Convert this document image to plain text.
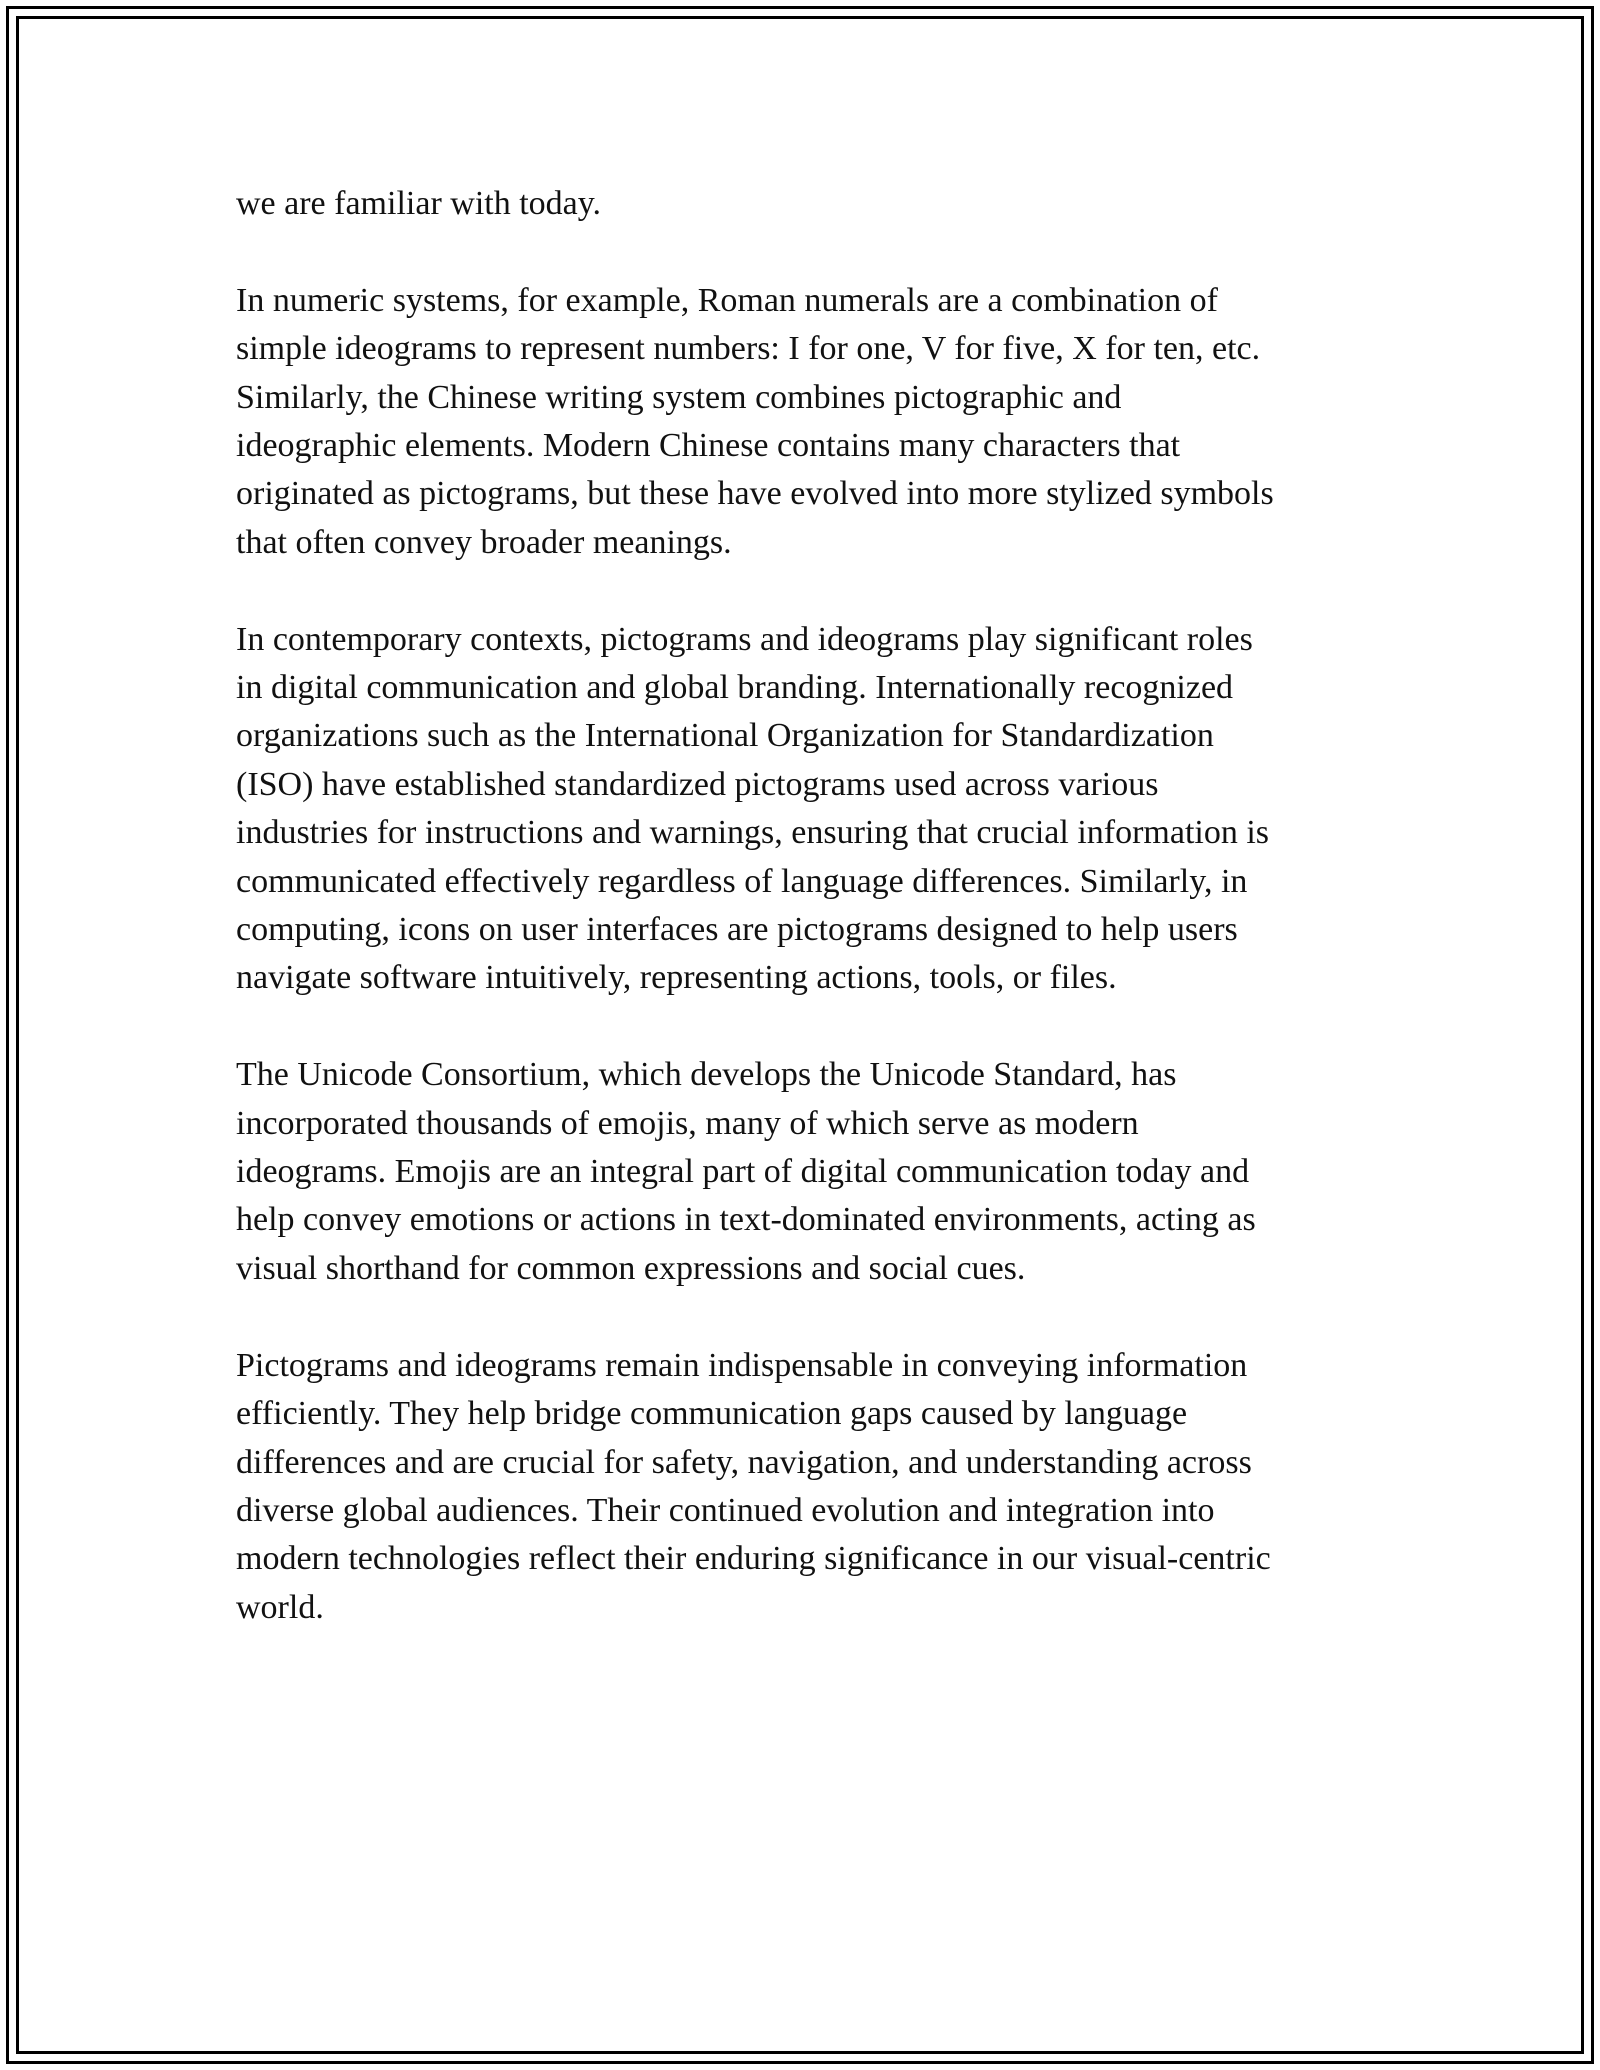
we are familiar with today.

In numeric systems, for example, Roman numerals are a combination of
simple ideograms to represent numbers: I for one, V for five, X for ten, etc.
Similarly, the Chinese writing system combines pictographic and
ideographic elements. Modern Chinese contains many characters that
originated as pictograms, but these have evolved into more stylized symbols
that often convey broader meanings.

In contemporary contexts, pictograms and ideograms play significant roles
in digital communication and global branding. Internationally recognized
organizations such as the International Organization for Standardization
(ISO) have established standardized pictograms used across various
industries for instructions and warnings, ensuring that crucial information is
communicated effectively regardless of language differences. Similarly, in
computing, icons on user interfaces are pictograms designed to help users
navigate software intuitively, representing actions, tools, or files.

The Unicode Consortium, which develops the Unicode Standard, has
incorporated thousands of emojis, many of which serve as modern
ideograms. Emojis are an integral part of digital communication today and
help convey emotions or actions in text-dominated environments, acting as
visual shorthand for common expressions and social cues.

Pictograms and ideograms remain indispensable in conveying information
efficiently. They help bridge communication gaps caused by language
differences and are crucial for safety, navigation, and understanding across
diverse global audiences. Their continued evolution and integration into
modern technologies reflect their enduring significance in our visual-centric
world.
